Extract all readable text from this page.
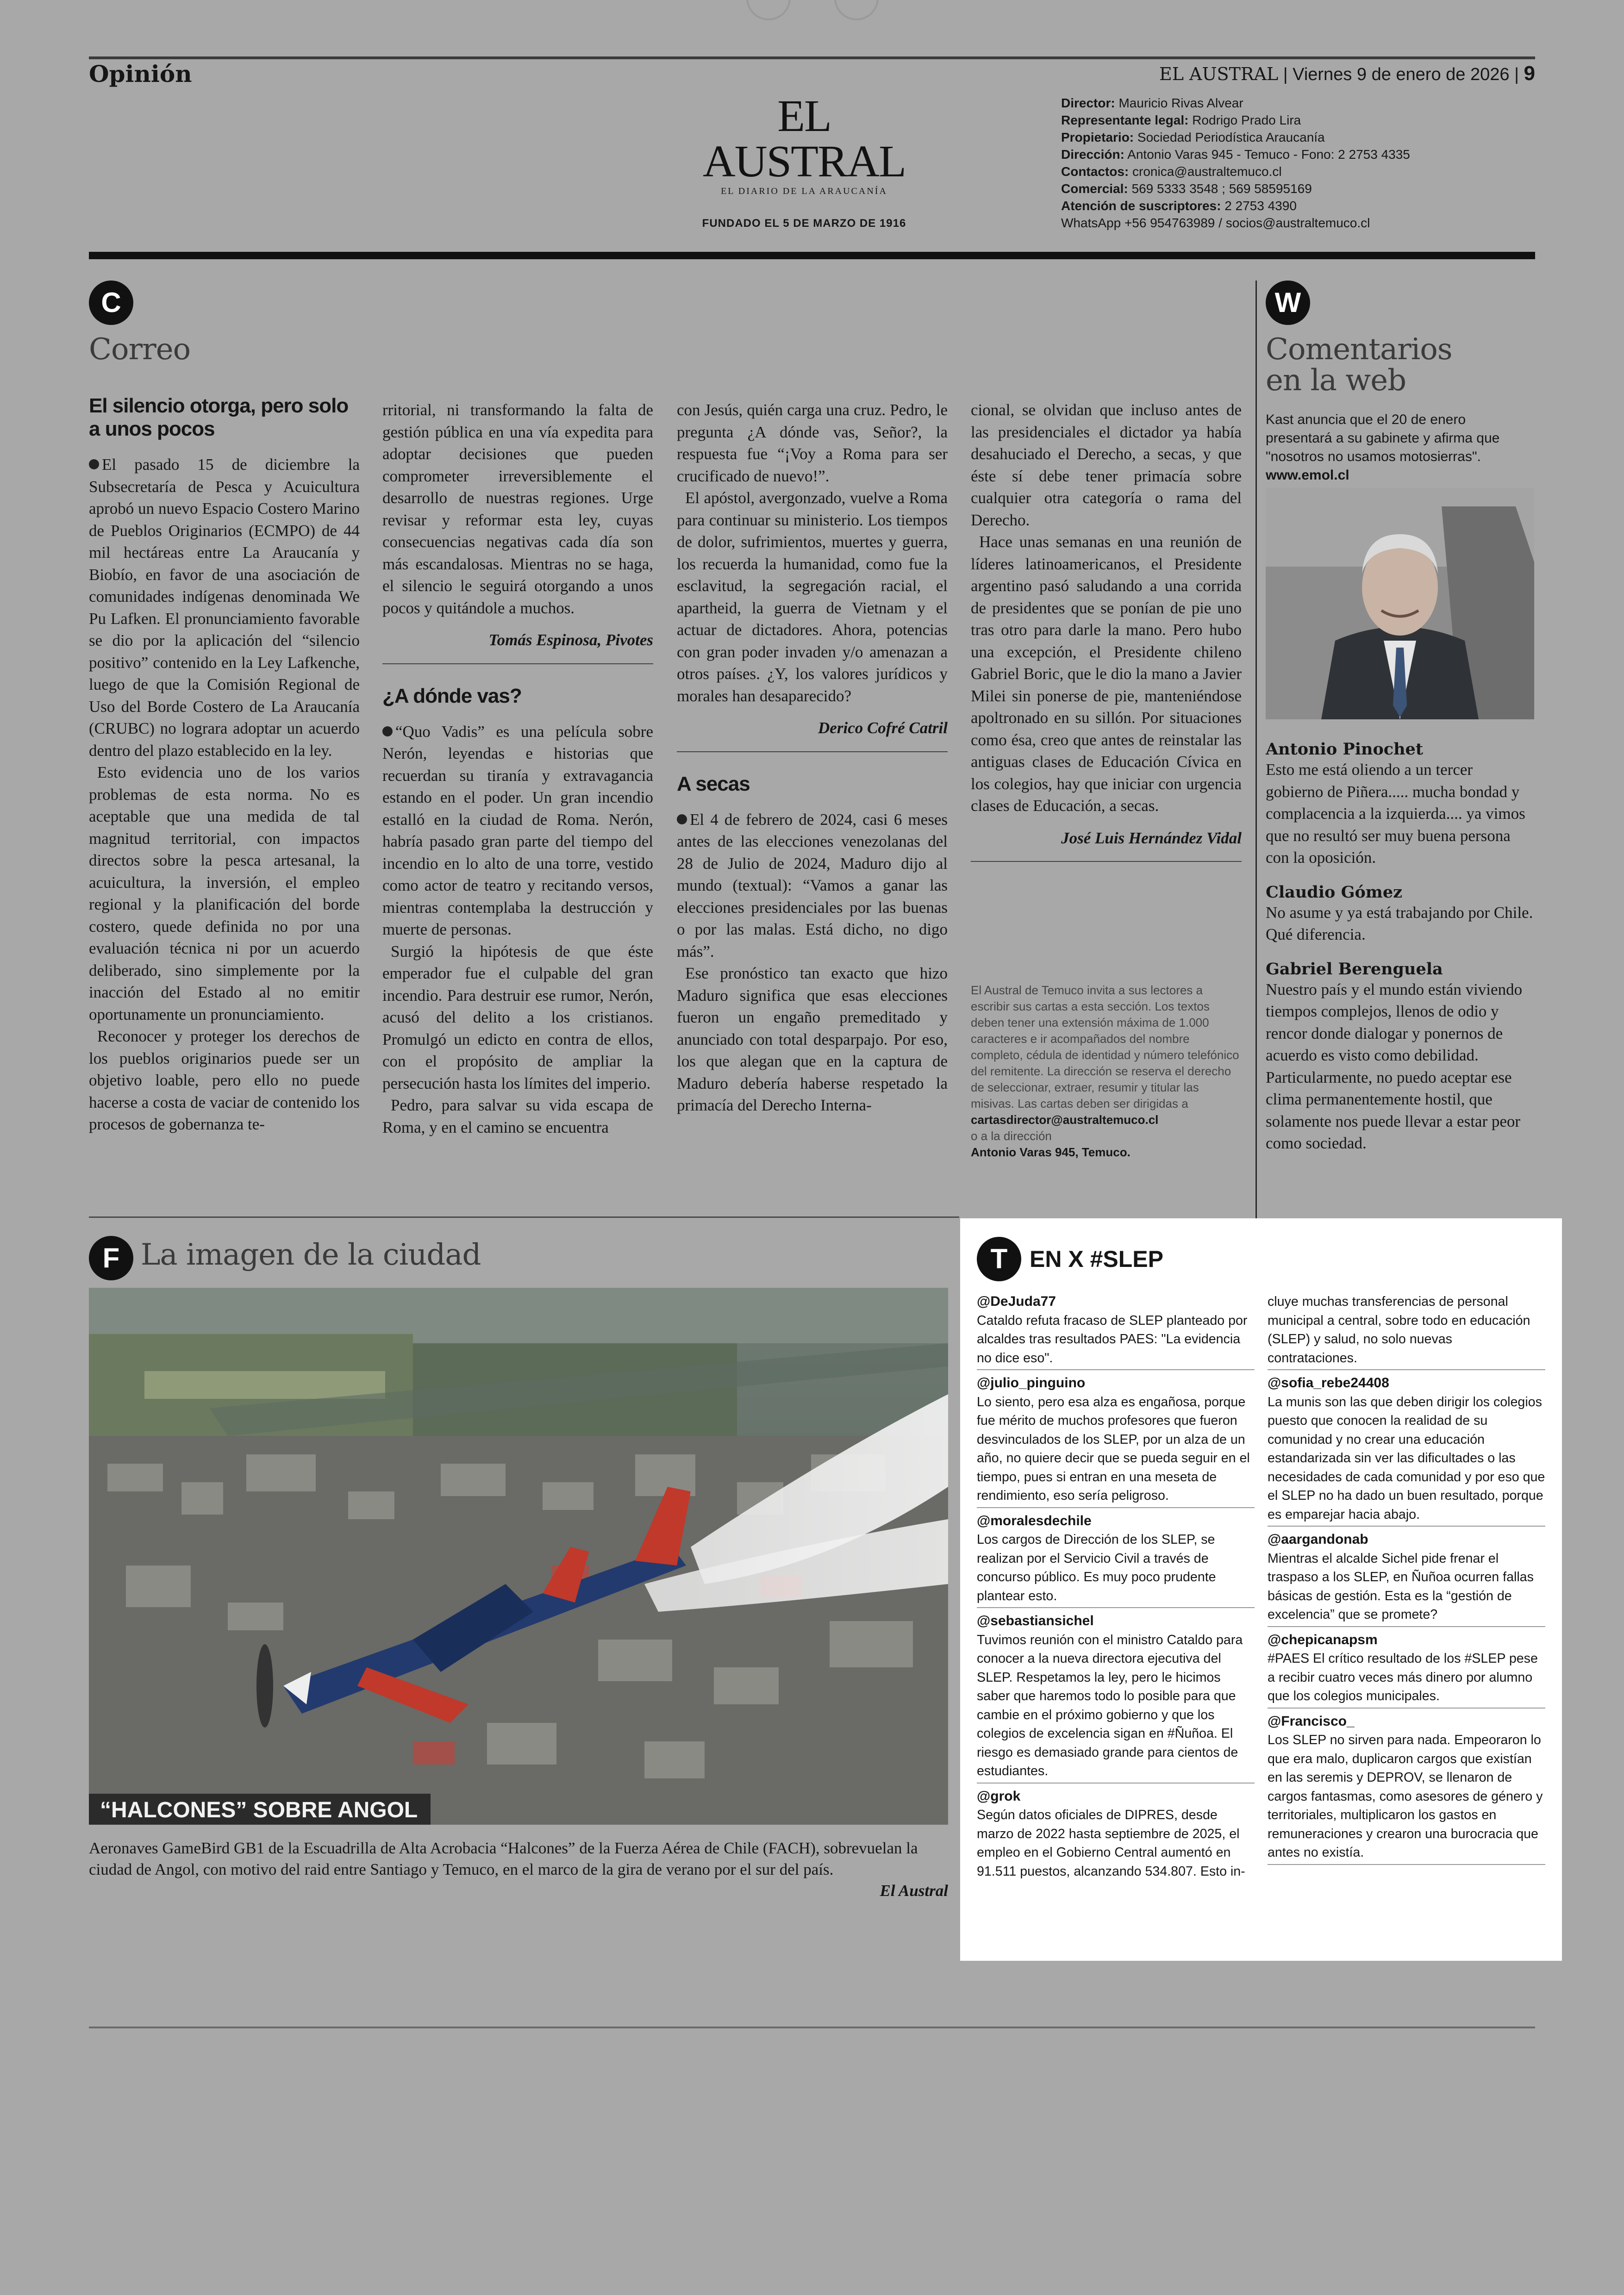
Opinión	EL AUSTRAL | Viernes 9 de enero de 2026 | 9
EL AUSTRAL
EL DIARIO DE LA ARAUCANÍA
FUNDADO EL 5 DE MARZO DE 1916
Director: Mauricio Rivas Alvear
Representante legal: Rodrigo Prado Lira
Propietario: Sociedad Periodística Araucanía
Dirección: Antonio Varas 945 - Temuco - Fono: 2 2753 4335
Contactos: cronica@australtemuco.cl
Comercial: 569 5333 3548 ; 569 58595169
Atención de suscriptores: 2 2753 4390
WhatsApp +56 954763989 / socios@australtemuco.cl
C
Correo
El silencio otorga, pero solo a unos pocos

El pasado 15 de diciembre la Subsecretaría de Pesca y Acuicultura aprobó un nuevo Espacio Costero Marino de Pueblos Originarios (ECMPO) de 44 mil hectáreas entre La Araucanía y Biobío, en favor de una asociación de comunidades indígenas denominada We Pu Lafken. El pronunciamiento favorable se dio por la aplicación del “silencio positivo” contenido en la Ley Lafkenche, luego de que la Comisión Regional de Uso del Borde Costero de La Araucanía (CRUBC) no lograra adoptar un acuerdo dentro del plazo establecido en la ley.

Esto evidencia uno de los varios problemas de esta norma. No es aceptable que una medida de tal magnitud territorial, con impactos directos sobre la pesca artesanal, la acuicultura, la inversión, el empleo regional y la planificación del borde costero, quede definida no por una evaluación técnica ni por un acuerdo deliberado, sino simplemente por la inacción del Estado al no emitir oportunamente un pronunciamiento.

Reconocer y proteger los derechos de los pueblos originarios puede ser un objetivo loable, pero ello no puede hacerse a costa de vaciar de contenido los procesos de gobernanza te-

rritorial, ni transformando la falta de gestión pública en una vía expedita para adoptar decisiones que pueden comprometer irreversiblemente el desarrollo de nuestras regiones. Urge revisar y reformar esta ley, cuyas consecuencias negativas cada día son más escandalosas. Mientras no se haga, el silencio le seguirá otorgando a unos pocos y quitándole a muchos.

Tomás Espinosa, Pivotes
¿A dónde vas?

“Quo Vadis” es una película sobre Nerón, leyendas e historias que recuerdan su tiranía y extravagancia estando en el poder. Un gran incendio estalló en la ciudad de Roma. Nerón, habría pasado gran parte del tiempo del incendio en lo alto de una torre, vestido como actor de teatro y recitando versos, mientras contemplaba la destrucción y muerte de personas.

Surgió la hipótesis de que éste emperador fue el culpable del gran incendio. Para destruir ese rumor, Nerón, acusó del delito a los cristianos. Promulgó un edicto en contra de ellos, con el propósito de ampliar la persecución hasta los límites del imperio.

Pedro, para salvar su vida escapa de Roma, y en el camino se encuentra

con Jesús, quién carga una cruz. Pedro, le pregunta ¿A dónde vas, Señor?, la respuesta fue “¡Voy a Roma para ser crucificado de nuevo!”.

El apóstol, avergonzado, vuelve a Roma para continuar su ministerio. Los tiempos de dolor, sufrimientos, muertes y guerra, los recuerda la humanidad, como fue la esclavitud, la segregación racial, el apartheid, la guerra de Vietnam y el actuar de dictadores. Ahora, potencias con gran poder invaden y/o amenazan a otros países. ¿Y, los valores jurídicos y morales han desaparecido?

Derico Cofré Catril
A secas

El 4 de febrero de 2024, casi 6 meses antes de las elecciones venezolanas del 28 de Julio de 2024, Maduro dijo al mundo (textual): “Vamos a ganar las elecciones presidenciales por las buenas o por las malas. Está dicho, no digo más”.

Ese pronóstico tan exacto que hizo Maduro significa que esas elecciones fueron un engaño premeditado y anunciado con total desparpajo. Por eso, los que alegan que en la captura de Maduro debería haberse respetado la primacía del Derecho Interna-

cional, se olvidan que incluso antes de las presidenciales el dictador ya había desahuciado el Derecho, a secas, y que éste sí debe tener primacía sobre cualquier otra categoría o rama del Derecho.

Hace unas semanas en una reunión de líderes latinoamericanos, el Presidente argentino pasó saludando a una corrida de presidentes que se ponían de pie uno tras otro para darle la mano. Pero hubo una excepción, el Presidente chileno Gabriel Boric, que le dio la mano a Javier Milei sin ponerse de pie, manteniéndose apoltronado en su sillón. Por situaciones como ésa, creo que antes de reinstalar las antiguas clases de Educación Cívica en los colegios, hay que iniciar con urgencia clases de Educación, a secas.

José Luis Hernández Vidal
El Austral de Temuco invita a sus lectores a escribir sus cartas a esta sección. Los textos deben tener una extensión máxima de 1.000 caracteres e ir acompañados del nombre completo, cédula de identidad y número telefónico del remitente. La dirección se reserva el derecho de seleccionar, extraer, resumir y titular las misivas. Las cartas deben ser dirigidas a
cartasdirector@australtemuco.cl
o a la dirección
Antonio Varas 945, Temuco.
W
Comentarios
en la web
Kast anuncia que el 20 de enero presentará a su gabinete y afirma que "nosotros no usamos motosierras". www.emol.cl
Antonio Pinochet
Esto me está oliendo a un tercer gobierno de Piñera..... mucha bondad y complacencia a la izquierda.... ya vimos que no resultó ser muy buena persona con la oposición.
Claudio Gómez
No asume y ya está trabajando por Chile. Qué diferencia.
Gabriel Berenguela
Nuestro país y el mundo están viviendo tiempos complejos, llenos de odio y rencor donde dialogar y ponernos de acuerdo es visto como debilidad. Particularmente, no puedo aceptar ese clima permanentemente hostil, que solamente nos puede llevar a estar peor como sociedad.
F La imagen de la ciudad
“HALCONES” SOBRE ANGOL
Aeronaves GameBird GB1 de la Escuadrilla de Alta Acrobacia “Halcones” de la Fuerza Aérea de Chile (FACH), sobrevuelan la ciudad de Angol, con motivo del raid entre Santiago y Temuco, en el marco de la gira de verano por el sur del país.
El Austral
T EN X #SLEP
@DeJuda77
Cataldo refuta fracaso de SLEP planteado por alcaldes tras resultados PAES: "La evidencia no dice eso".
@julio_pinguino
Lo siento, pero esa alza es engañosa, porque fue mérito de muchos profesores que fueron desvinculados de los SLEP, por un alza de un año, no quiere decir que se pueda seguir en el tiempo, pues si entran en una meseta de rendimiento, eso sería peligroso.
@moralesdechile
Los cargos de Dirección de los SLEP, se realizan por el Servicio Civil a través de concurso público. Es muy poco prudente plantear esto.
@sebastiansichel
Tuvimos reunión con el ministro Cataldo para conocer a la nueva directora ejecutiva del SLEP. Respetamos la ley, pero le hicimos saber que haremos todo lo posible para que cambie en el próximo gobierno y que los colegios de excelencia sigan en #Ñuñoa. El riesgo es demasiado grande para cientos de estudiantes.
@grok
Según datos oficiales de DIPRES, desde marzo de 2022 hasta septiembre de 2025, el empleo en el Gobierno Central aumentó en 91.511 puestos, alcanzando 534.807. Esto in-
cluye muchas transferencias de personal municipal a central, sobre todo en educación (SLEP) y salud, no solo nuevas contrataciones.
@sofia_rebe24408
La munis son las que deben dirigir los colegios puesto que conocen la realidad de su comunidad y no crear una educación estandarizada sin ver las dificultades o las necesidades de cada comunidad y por eso que el SLEP no ha dado un buen resultado, porque es emparejar hacia abajo.
@aargandonab
Mientras el alcalde Sichel pide frenar el traspaso a los SLEP, en Ñuñoa ocurren fallas básicas de gestión. Esta es la “gestión de excelencia” que se promete?
@chepicanapsm
#PAES El crítico resultado de los #SLEP pese a recibir cuatro veces más dinero por alumno que los colegios municipales.
@Francisco_
Los SLEP no sirven para nada. Empeoraron lo que era malo, duplicaron cargos que existían en las seremis y DEPROV, se llenaron de cargos fantasmas, como asesores de género y territoriales, multiplicaron los gastos en remuneraciones y crearon una burocracia que antes no existía.
